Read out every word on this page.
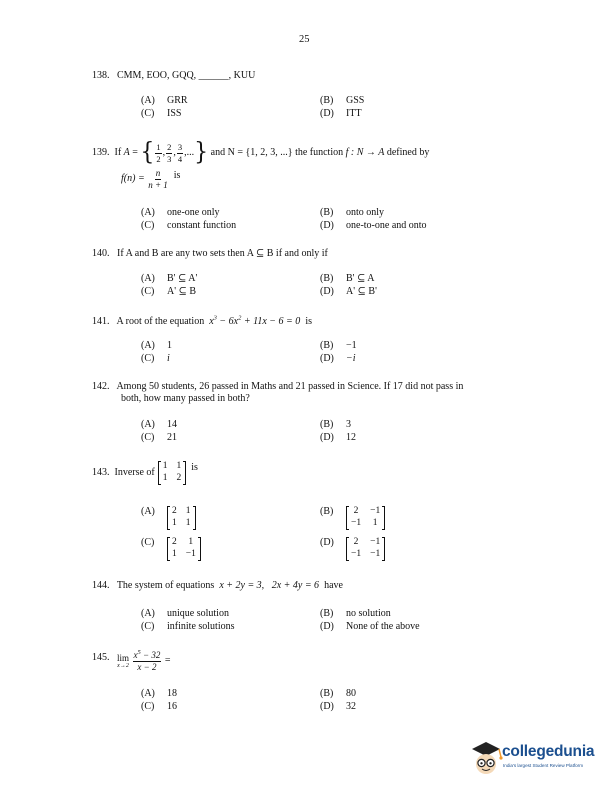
25
138. CMM, EOO, GQQ, ______, KUU
(A) GRR	(B) GSS
(C) ISS	(D) ITT
139.
If
A
=
{ $\frac{1}{2}$ , $\frac{2}{3}$ , $\frac{3}{4}$ ,... }
and N = {1, 2, 3, ...} the function
f : N → A
defined by
f(n) =
$\frac{n}{n + 1}$
is
(A) one-one only	(B) onto only
(C) constant function	(D) one-to-one and onto
140. If A and B are any two sets then A ⊆ B if and only if
(A) B' ⊆ A'	(B) B' ⊆ A
(C) A' ⊆ B	(D) A' ⊆ B'
141. A root of the equation $x^3 - 6x^2 + 11x - 6 = 0$ is
(A) 1	(B) −1
(C) i	(D) −i
142. Among 50 students, 26 passed in Maths and 21 passed in Science. If 17 did not pass in
both, how many passed in both?
(A) 14	(B) 3
(C) 21	(D) 12
143.
Inverse of
1 1
1 2

is
(A)	2 1
1 1
(B)	2 −1
−1 1
(C)	2 1
1 −1
(D)	2 −1
−1 −1
144. The system of equations x + 2y = 3, 2x + 4y = 6 have
(A) unique solution	(B) no solution
(C) infinite solutions	(D) None of the above
145.
lim
x→2
$\frac{x^5 - 32}{x - 2}$
=
(A) 18	(B) 80
(C) 16	(D) 32
collegedunia
India's largest Student Review Platform
